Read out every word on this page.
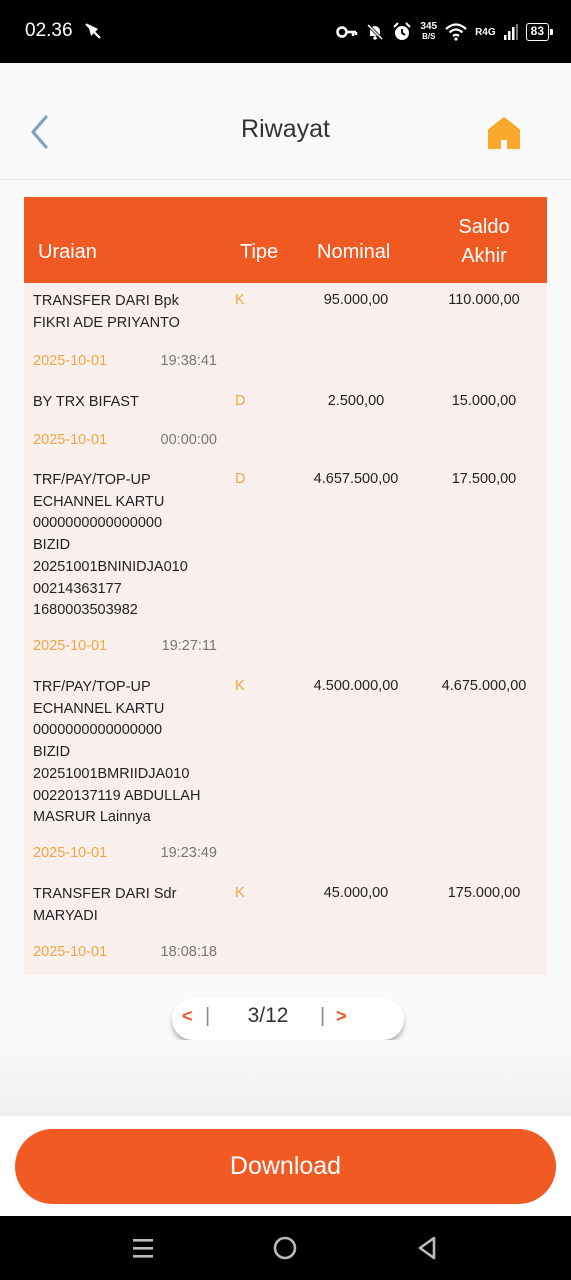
02.36	345
B/S	R4G	83
Riwayat
Uraian	Tipe Nominal
Saldo
Akhir
TRANSFER DARI Bpk
FIKRI ADE PRIYANTO
K	95.000,00	110.000,00
2025-10-01	19:38:41
BY TRX BIFAST	D	2.500,00	15.000,00
2025-10-01	00:00:00
TRF/PAY/TOP-UP
ECHANNEL KARTU
0000000000000000
BIZID
20251001BNINIDJA010
00214363177
1680003503982
D	4.657.500,00	17.500,00
2025-10-01	19:27:11
TRF/PAY/TOP-UP
ECHANNEL KARTU
0000000000000000
BIZID
20251001BMRIIDJA010
00220137119 ABDULLAH
MASRUR Lainnya
K	4.500.000,00	4.675.000,00
2025-10-01	19:23:49
TRANSFER DARI Sdr
MARYADI
K	45.000,00	175.000,00
2025-10-01	18:08:18
< |	3/12	| >
Download
